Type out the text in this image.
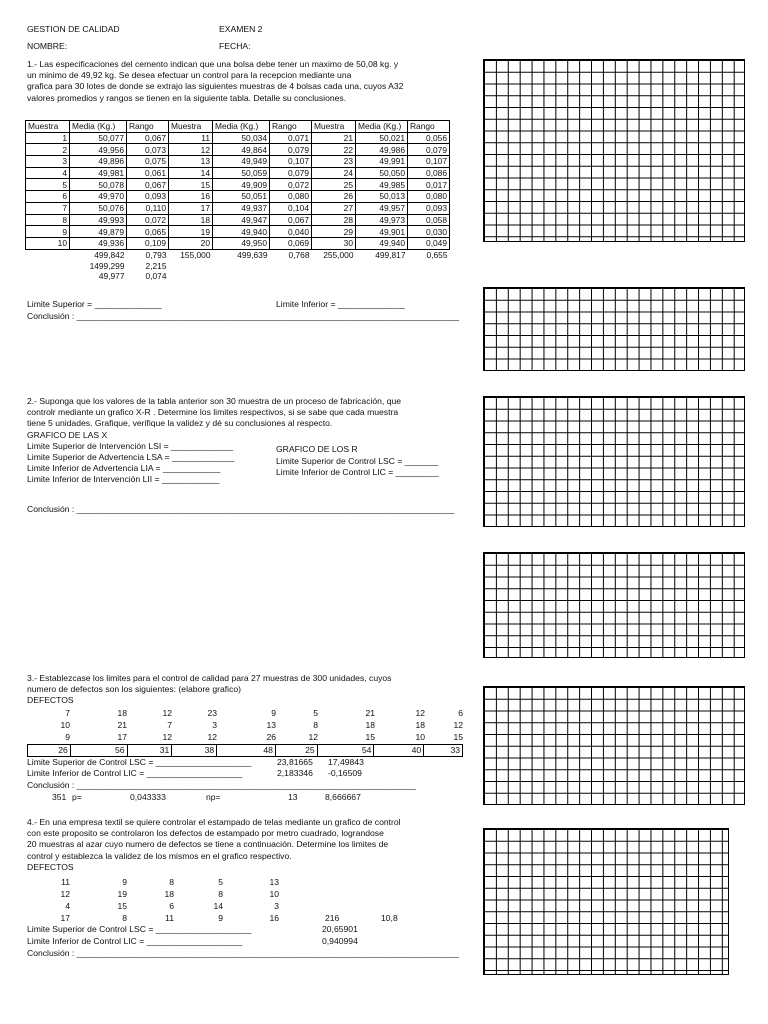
GESTION DE CALIDAD	EXAMEN 2
NOMBRE:	FECHA:
1.- Las especificaciones del cemento indican que una bolsa debe tener un maximo de 50,08 kg. y
un minimo de 49,92 kg. Se desea efectuar un control para la recepcion mediante una
grafica para 30 lotes de donde se extrajo las siguientes muestras de 4 bolsas cada una, cuyos A32
valores promedios y rangos se tienen en la siguiente tabla. Detalle su conclusiones.
Muestra	Media (Kg.)	Rango	Muestra	Media (Kg.)	Rango	Muestra	Media (Kg.)	Rango
1	50,077	0,067	11	50,034	0,071	21	50,021	0,056
2	49,956	0,073	12	49,864	0,079	22	49,986	0,079
3	49,896	0,075	13	49,949	0,107	23	49,991	0,107
4	49,981	0,061	14	50,059	0,079	24	50,050	0,086
5	50,078	0,067	15	49,909	0,072	25	49,985	0,017
6	49,970	0,093	16	50,051	0,080	26	50,013	0,080
7	50,076	0,110	17	49,937	0,104	27	49,957	0,093
8	49,993	0,072	18	49,947	0,067	28	49,973	0,058
9	49,879	0,065	19	49,940	0,040	29	49,901	0,030
10	49,936	0,109	20	49,950	0,069	30	49,940	0,049
	499,842	0,793	155,000	499,639	0,768	255,000	499,817	0,655
	1499,299	2,215						
	49,977	0,074						
Limite Superior = ______________	Limite Inferior = ______________
Conclusión : ________________________________________________________________________________
2.- Suponga que los valores de la tabla anterior son 30 muestra de un proceso de fabricación, que
controlr mediante un grafico X-R . Determine los limites respectivos, si se sabe que cada muestra
tiene 5 unidades. Grafique, verifique la validez y dé su conclusiones al respecto.
GRAFICO DE LAS X
Limite Superior de Intervención LSI = _____________
Limite Superior de Advertencia LSA = _____________
Limite Inferior de Advertencia LIA = ____________
Limite Inferior de Intervención LII = ____________
GRAFICO DE LOS R
Limite Superior de Control LSC = _______
Limite Inferior de Control LIC = _________
Conclusión : _______________________________________________________________________________
3.- Establezcase los limites para el control de calidad para 27 muestras de 300 unidades, cuyos
numero de defectos son los siguientes: (elabore grafico)
DEFECTOS
7	18	12	23	9	5	21	12	6
10	21	7	3	13	8	18	18	12
9	17	12	12	26	12	15	10	15
26	56	31	38	48	25	54	40	33
Limite Superior de Control LSC = ____________________	23,81665 17,49843
Limite Inferior de Control LIC = ____________________	2,183346 -0,16509
Conclusión : _______________________________________________________________________
351 p=	0,043333	np=	13	8,666667
4.- En una empresa textil se quiere controlar el estampado de telas mediante un grafico de control
con este proposito se controlaron los defectos de estampado por metro cuadrado, lograndose
20 muestras al azar cuyo numero de defectos se tiene a continuación. Determine los limites de
control y establezca la validez de los mismos en el grafico respectivo.
DEFECTOS
11	9	8	5	13
12	19	18	8	10
4	15	6	14	3
17	8	11	9	16	216	10,8
Limite Superior de Control LSC = ____________________	20,65901
Limite Inferior de Control LIC = ____________________	0,940994
Conclusión : ________________________________________________________________________________
